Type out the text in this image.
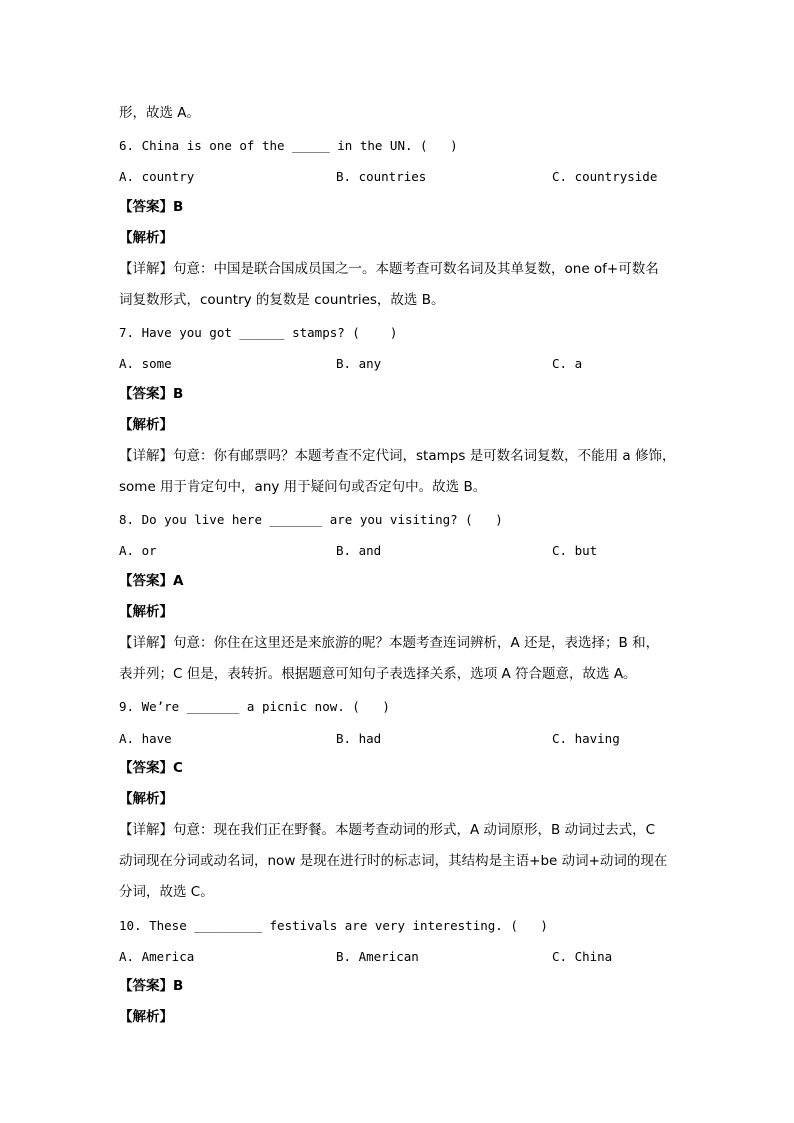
形，故选 A。
6. China is one of the _____ in the UN. (   )
A. country	B. countries	C. countryside
【答案】B
【解析】
【详解】句意：中国是联合国成员国之一。本题考查可数名词及其单复数，one of+可数名
词复数形式，country 的复数是 countries，故选 B。
7. Have you got ______ stamps? (    )
A. some	B. any	C. a
【答案】B
【解析】
【详解】句意：你有邮票吗？本题考查不定代词，stamps 是可数名词复数，不能用 a 修饰，
some 用于肯定句中，any 用于疑问句或否定句中。故选 B。
8. Do you live here _______ are you visiting? (   )
A. or	B. and	C. but
【答案】A
【解析】
【详解】句意：你住在这里还是来旅游的呢？本题考查连词辨析，A 还是，表选择；B 和，
表并列；C 但是，表转折。根据题意可知句子表选择关系，选项 A 符合题意，故选 A。
9. We’re _______ a picnic now. (   )
A. have	B. had	C. having
【答案】C
【解析】
【详解】句意：现在我们正在野餐。本题考查动词的形式，A 动词原形，B 动词过去式，C
动词现在分词或动名词，now 是现在进行时的标志词，其结构是主语+be 动词+动词的现在
分词，故选 C。
10. These _________ festivals are very interesting. (   )
A. America	B. American	C. China
【答案】B
【解析】
